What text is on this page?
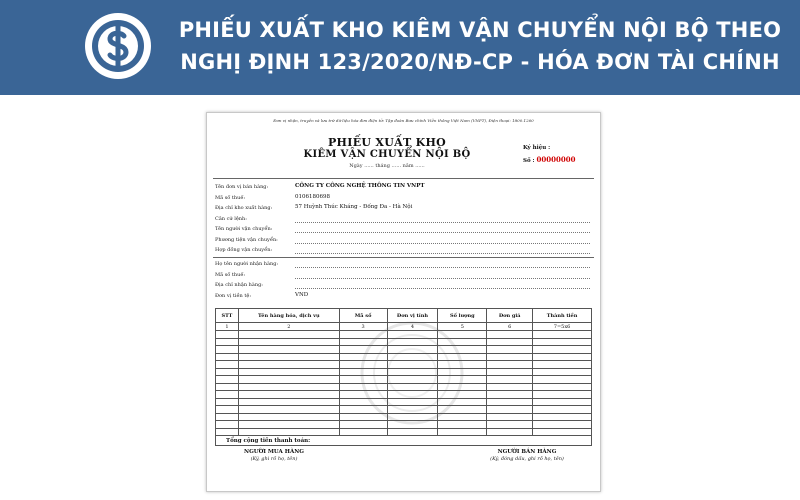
PHIẾU XUẤT KHO KIÊM VẬN CHUYỂN NỘI BỘ THEO
NGHỊ ĐỊNH 123/2020/NĐ-CP - HÓA ĐƠN TÀI CHÍNH
Đơn vị nhận, truyền và lưu trữ dữ liệu hóa đơn điện tử: Tập đoàn Bưu chính Viễn thông Việt Nam (VNPT), Điện thoại: 1800.1260
PHIẾU XUẤT KHO
KIÊM VẬN CHUYỂN NỘI BỘ
Ngày ...... tháng ...... năm ......
Ký hiệu :
Số : 00000000
Tên đơn vị bán hàng:	CÔNG TY CÔNG NGHỆ THÔNG TIN VNPT
Mã số thuế:	0106180698
Địa chỉ kho xuất hàng:	57 Huỳnh Thúc Kháng - Đống Đa - Hà Nội
Căn cứ lệnh:
Tên người vận chuyển:
Phương tiện vận chuyển:
Hợp đồng vận chuyển:
Họ tên người nhận hàng:
Mã số thuế:
Địa chỉ nhận hàng:
Đơn vị tiền tệ:	VND
STT	Tên hàng hóa, dịch vụ	Mã số	Đơn vị tính	Số lượng	Đơn giá	Thành tiền
1	2	3	4	5	6	7=5x6

Tổng cộng tiền thanh toán:						
NGƯỜI MUA HÀNG
(Ký, ghi rõ họ, tên)
NGƯỜI BÁN HÀNG
(Ký, đóng dấu, ghi rõ họ, tên)
